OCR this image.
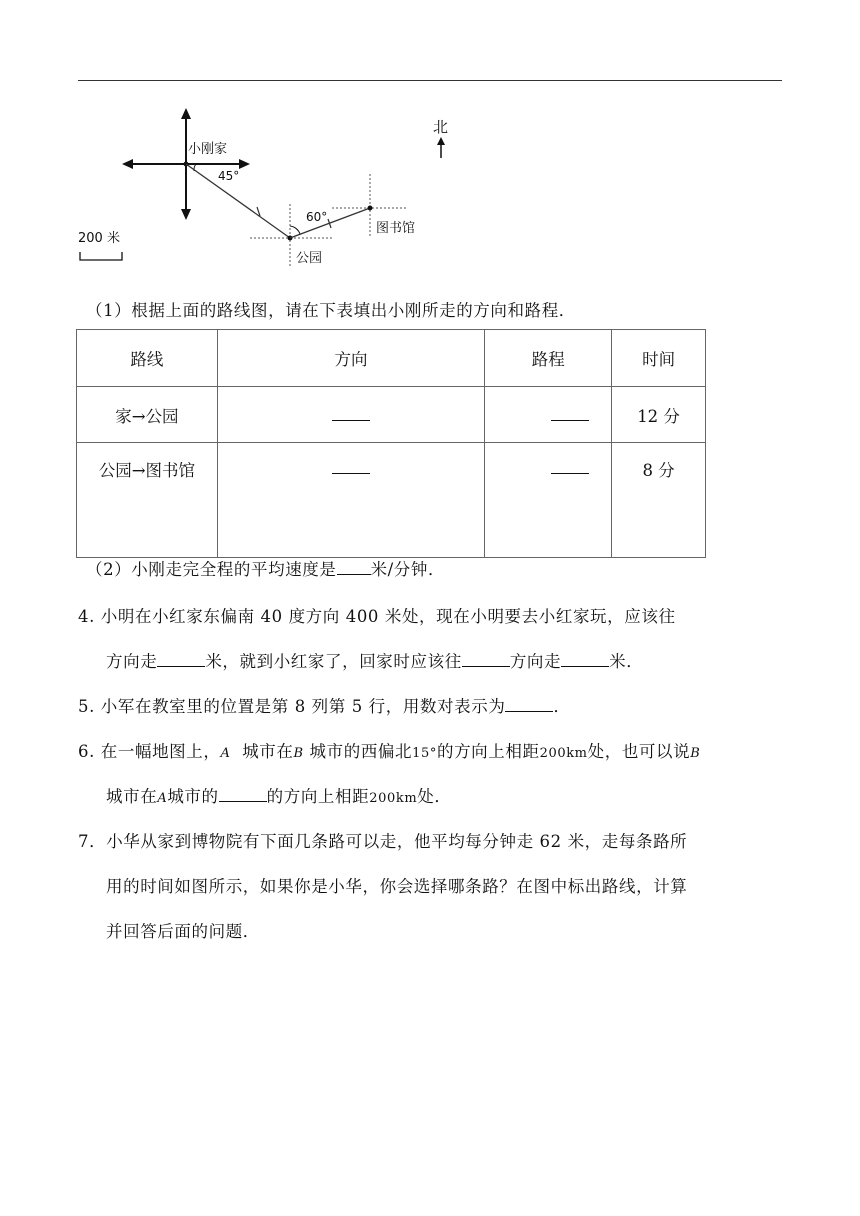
小刚家
45°
公园
60°
图书馆
北
200 米
（1）根据上面的路线图，请在下表填出小刚所走的方向和路程．
路线	方向	路程	时间
家→公园			12 分
公园→图书馆			8 分
（2）小刚走完全程的平均速度是 米/分钟．
4. 小明在小红家东偏南 40 度方向 400 米处，现在小明要去小红家玩，应该往
方向走	米，就到小红家了，回家时应该往	方向走	米．
5. 小军在教室里的位置是第 8 列第 5 行，用数对表示为	．
6. 在一幅地图上，A 城市在B 城市的西偏北15°的方向上相距200km处，也可以说B
城市在A城市的	的方向上相距200km处．
7．小华从家到博物院有下面几条路可以走，他平均每分钟走 62 米，走每条路所
用的时间如图所示，如果你是小华，你会选择哪条路？在图中标出路线，计算
并回答后面的问题．
